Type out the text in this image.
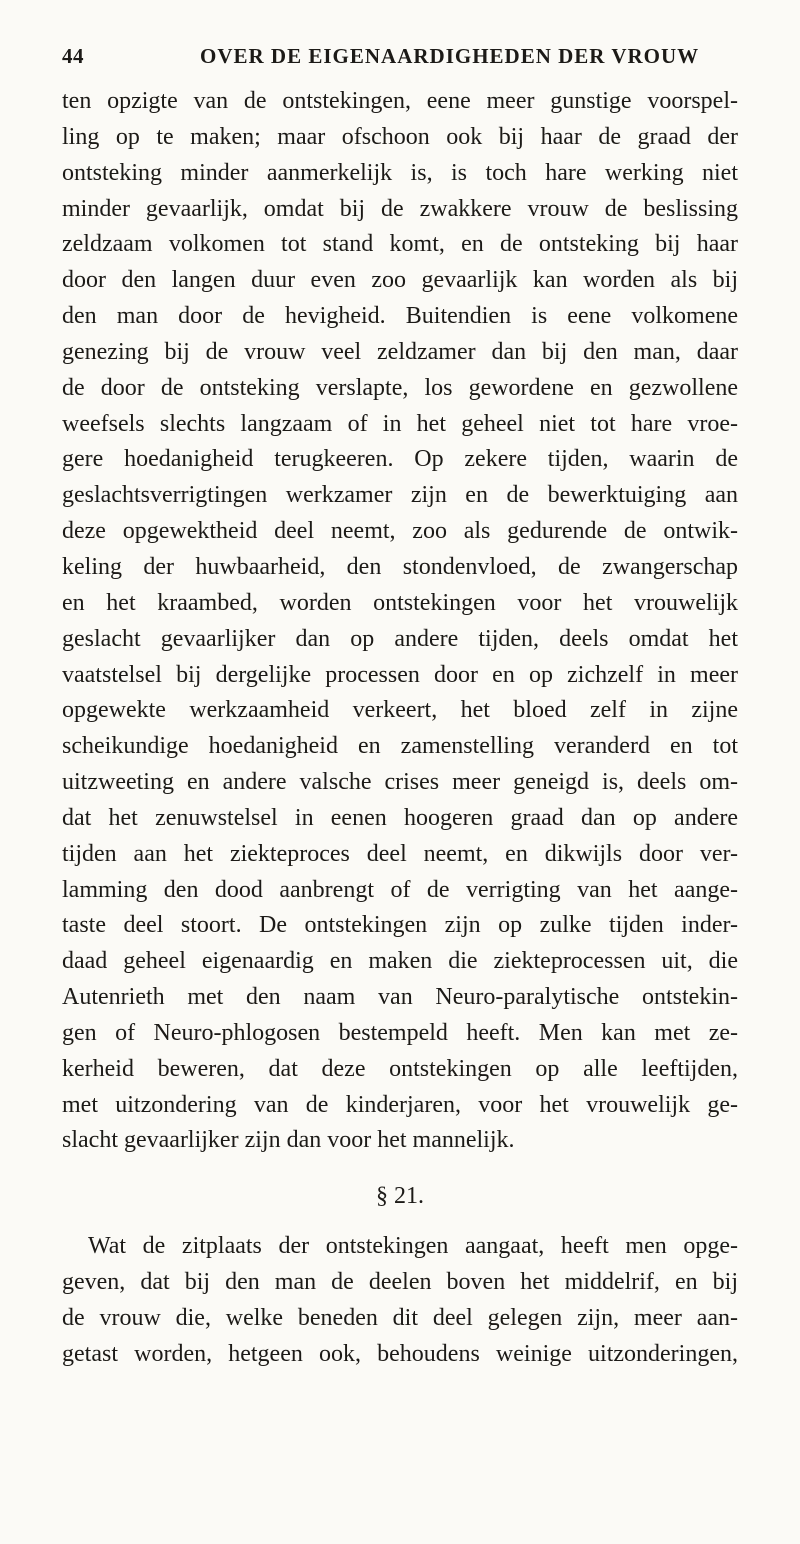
44	OVER DE EIGENAARDIGHEDEN DER VROUW
ten opzigte van de ontstekingen, eene meer gunstige voorspel-
ling op te maken; maar ofschoon ook bij haar de graad der
ontsteking minder aanmerkelijk is, is toch hare werking niet
minder gevaarlijk, omdat bij de zwakkere vrouw de beslissing
zeldzaam volkomen tot stand komt, en de ontsteking bij haar
door den langen duur even zoo gevaarlijk kan worden als bij
den man door de hevigheid. Buitendien is eene volkomene
genezing bij de vrouw veel zeldzamer dan bij den man, daar
de door de ontsteking verslapte, los gewordene en gezwollene
weefsels slechts langzaam of in het geheel niet tot hare vroe-
gere hoedanigheid terugkeeren. Op zekere tijden, waarin de
geslachtsverrigtingen werkzamer zijn en de bewerktuiging aan
deze opgewektheid deel neemt, zoo als gedurende de ontwik-
keling der huwbaarheid, den stondenvloed, de zwangerschap
en het kraambed, worden ontstekingen voor het vrouwelijk
geslacht gevaarlijker dan op andere tijden, deels omdat het
vaatstelsel bij dergelijke processen door en op zichzelf in meer
opgewekte werkzaamheid verkeert, het bloed zelf in zijne
scheikundige hoedanigheid en zamenstelling veranderd en tot
uitzweeting en andere valsche crises meer geneigd is, deels om-
dat het zenuwstelsel in eenen hoogeren graad dan op andere
tijden aan het ziekteproces deel neemt, en dikwijls door ver-
lamming den dood aanbrengt of de verrigting van het aange-
taste deel stoort. De ontstekingen zijn op zulke tijden inder-
daad geheel eigenaardig en maken die ziekteprocessen uit, die
Autenrieth met den naam van Neuro-paralytische ontstekin-
gen of Neuro-phlogosen bestempeld heeft. Men kan met ze-
kerheid beweren, dat deze ontstekingen op alle leeftijden,
met uitzondering van de kinderjaren, voor het vrouwelijk ge-
slacht gevaarlijker zijn dan voor het mannelijk.
§ 21.
Wat de zitplaats der ontstekingen aangaat, heeft men opge-
geven, dat bij den man de deelen boven het middelrif, en bij
de vrouw die, welke beneden dit deel gelegen zijn, meer aan-
getast worden, hetgeen ook, behoudens weinige uitzonderingen,
